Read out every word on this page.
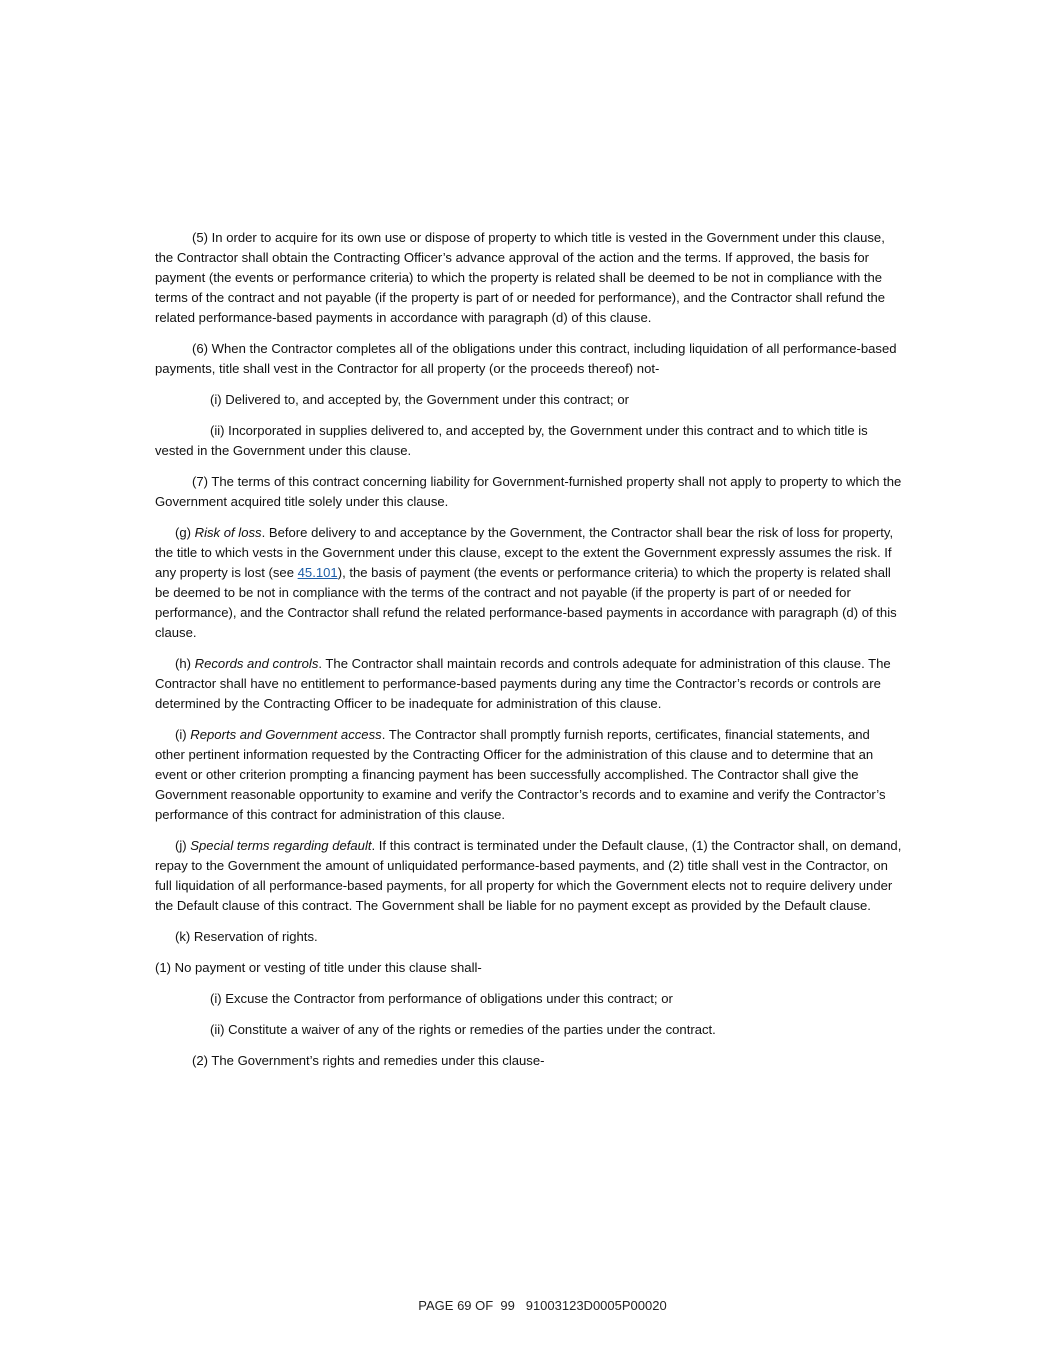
(5) In order to acquire for its own use or dispose of property to which title is vested in the Government under this clause, the Contractor shall obtain the Contracting Officer’s advance approval of the action and the terms. If approved, the basis for payment (the events or performance criteria) to which the property is related shall be deemed to be not in compliance with the terms of the contract and not payable (if the property is part of or needed for performance), and the Contractor shall refund the related performance-based payments in accordance with paragraph (d) of this clause.

(6) When the Contractor completes all of the obligations under this contract, including liquidation of all performance-based payments, title shall vest in the Contractor for all property (or the proceeds thereof) not-

(i) Delivered to, and accepted by, the Government under this contract; or

(ii) Incorporated in supplies delivered to, and accepted by, the Government under this contract and to which title is vested in the Government under this clause.

(7) The terms of this contract concerning liability for Government-furnished property shall not apply to property to which the Government acquired title solely under this clause.

(g) Risk of loss. Before delivery to and acceptance by the Government, the Contractor shall bear the risk of loss for property, the title to which vests in the Government under this clause, except to the extent the Government expressly assumes the risk. If any property is lost (see 45.101), the basis of payment (the events or performance criteria) to which the property is related shall be deemed to be not in compliance with the terms of the contract and not payable (if the property is part of or needed for performance), and the Contractor shall refund the related performance-based payments in accordance with paragraph (d) of this clause.

(h) Records and controls. The Contractor shall maintain records and controls adequate for administration of this clause. The Contractor shall have no entitlement to performance-based payments during any time the Contractor’s records or controls are determined by the Contracting Officer to be inadequate for administration of this clause.

(i) Reports and Government access. The Contractor shall promptly furnish reports, certificates, financial statements, and other pertinent information requested by the Contracting Officer for the administration of this clause and to determine that an event or other criterion prompting a financing payment has been successfully accomplished. The Contractor shall give the Government reasonable opportunity to examine and verify the Contractor’s records and to examine and verify the Contractor’s performance of this contract for administration of this clause.

(j) Special terms regarding default. If this contract is terminated under the Default clause, (1) the Contractor shall, on demand, repay to the Government the amount of unliquidated performance-based payments, and (2) title shall vest in the Contractor, on full liquidation of all performance-based payments, for all property for which the Government elects not to require delivery under the Default clause of this contract. The Government shall be liable for no payment except as provided by the Default clause.

(k) Reservation of rights.

(1) No payment or vesting of title under this clause shall-

(i) Excuse the Contractor from performance of obligations under this contract; or

(ii) Constitute a waiver of any of the rights or remedies of the parties under the contract.

(2) The Government’s rights and remedies under this clause-

PAGE 69 OF  99   91003123D0005P00020
